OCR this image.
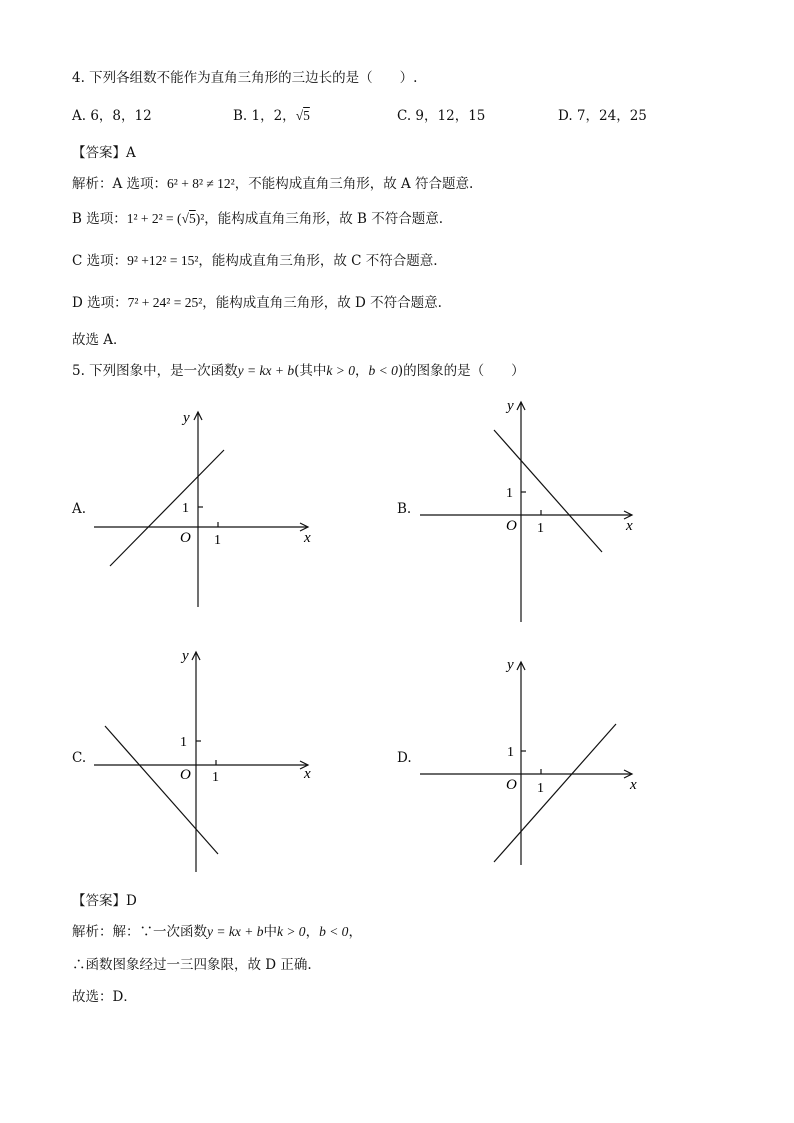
4. 下列各组数不能作为直角三角形的三边长的是（　　）.
A. 6，8，12	B. 1，2，√5	C. 9，12，15	D. 7，24，25
【答案】A
解析：A 选项：6² + 8² ≠ 12²，不能构成直角三角形，故 A 符合题意.
B 选项：1² + 2² = (√5)²，能构成直角三角形，故 B 不符合题意.
C 选项：9² +12² = 15²，能构成直角三角形，故 C 不符合题意.
D 选项：7² + 24² = 25²，能构成直角三角形，故 D 不符合题意.
故选 A．
5. 下列图象中，是一次函数y = kx + b(其中k > 0，b < 0)的图象的是（　　）
A.	B.
C.	D.
x
y
O 1
1
x
y
O 1
1
x
y
O 1
1
x
y
O 1
1
【答案】D
解析：解：∵一次函数y = kx + b中k > 0，b < 0，
∴函数图象经过一三四象限，故 D 正确.
故选：D．
